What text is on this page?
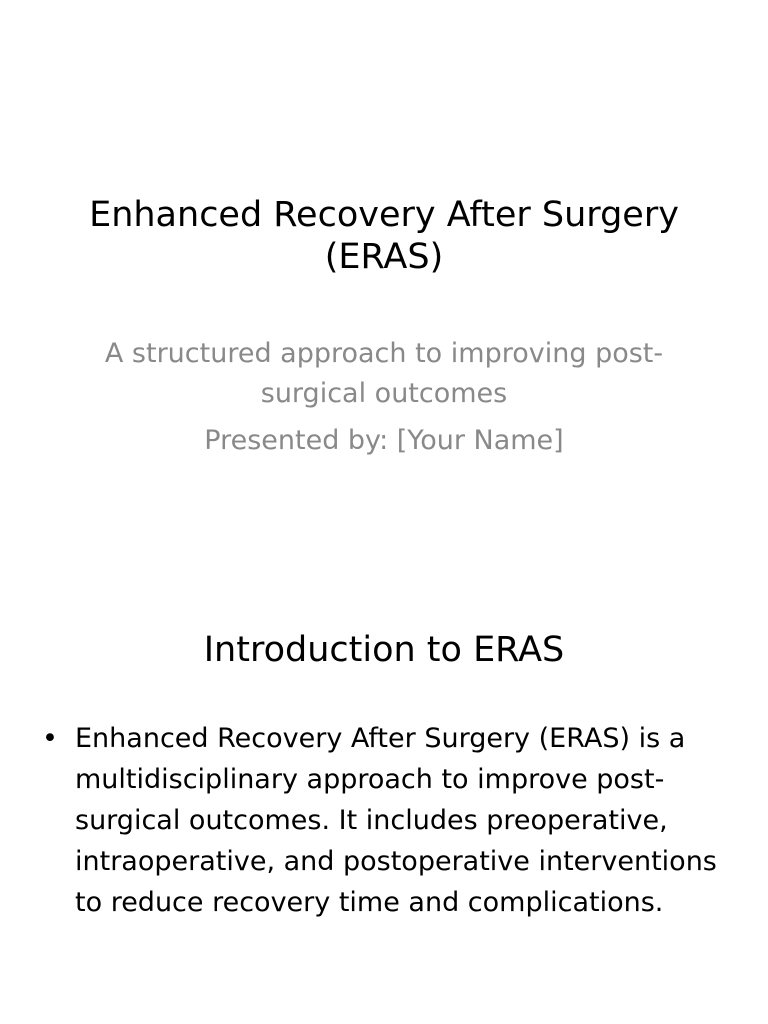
Enhanced Recovery After Surgery (ERAS)

A structured approach to improving post-surgical outcomes

Presented by: [Your Name]

Introduction to ERAS
• Enhanced Recovery After Surgery (ERAS) is a multidisciplinary approach to improve post-surgical outcomes. It includes preoperative, intraoperative, and postoperative interventions to reduce recovery time and complications.
